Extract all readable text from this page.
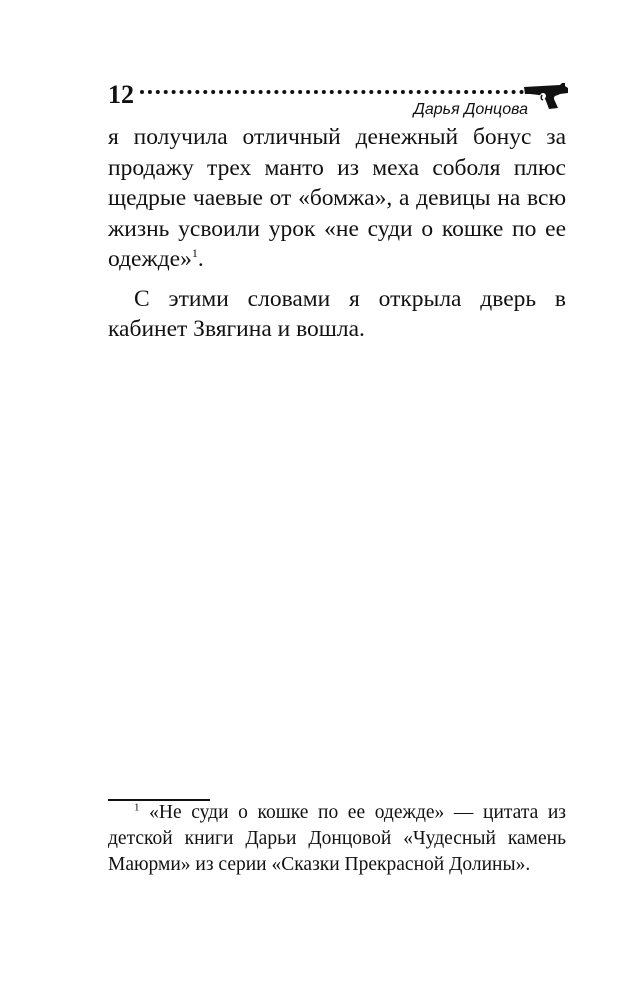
12
Дарья Донцова

я получила отличный денежный бонус за продажу трех манто из меха соболя плюс щедрые чаевые от «бомжа», а девицы на всю жизнь усвоили урок «не суди о кошке по ее одежде»$^1$.

С этими словами я открыла дверь в кабинет Звягина и вошла.

$^1$ «Не суди о кошке по ее одежде» — цитата из детской книги Дарьи Донцовой «Чудесный камень Маюрми» из серии «Сказки Прекрасной Долины».
